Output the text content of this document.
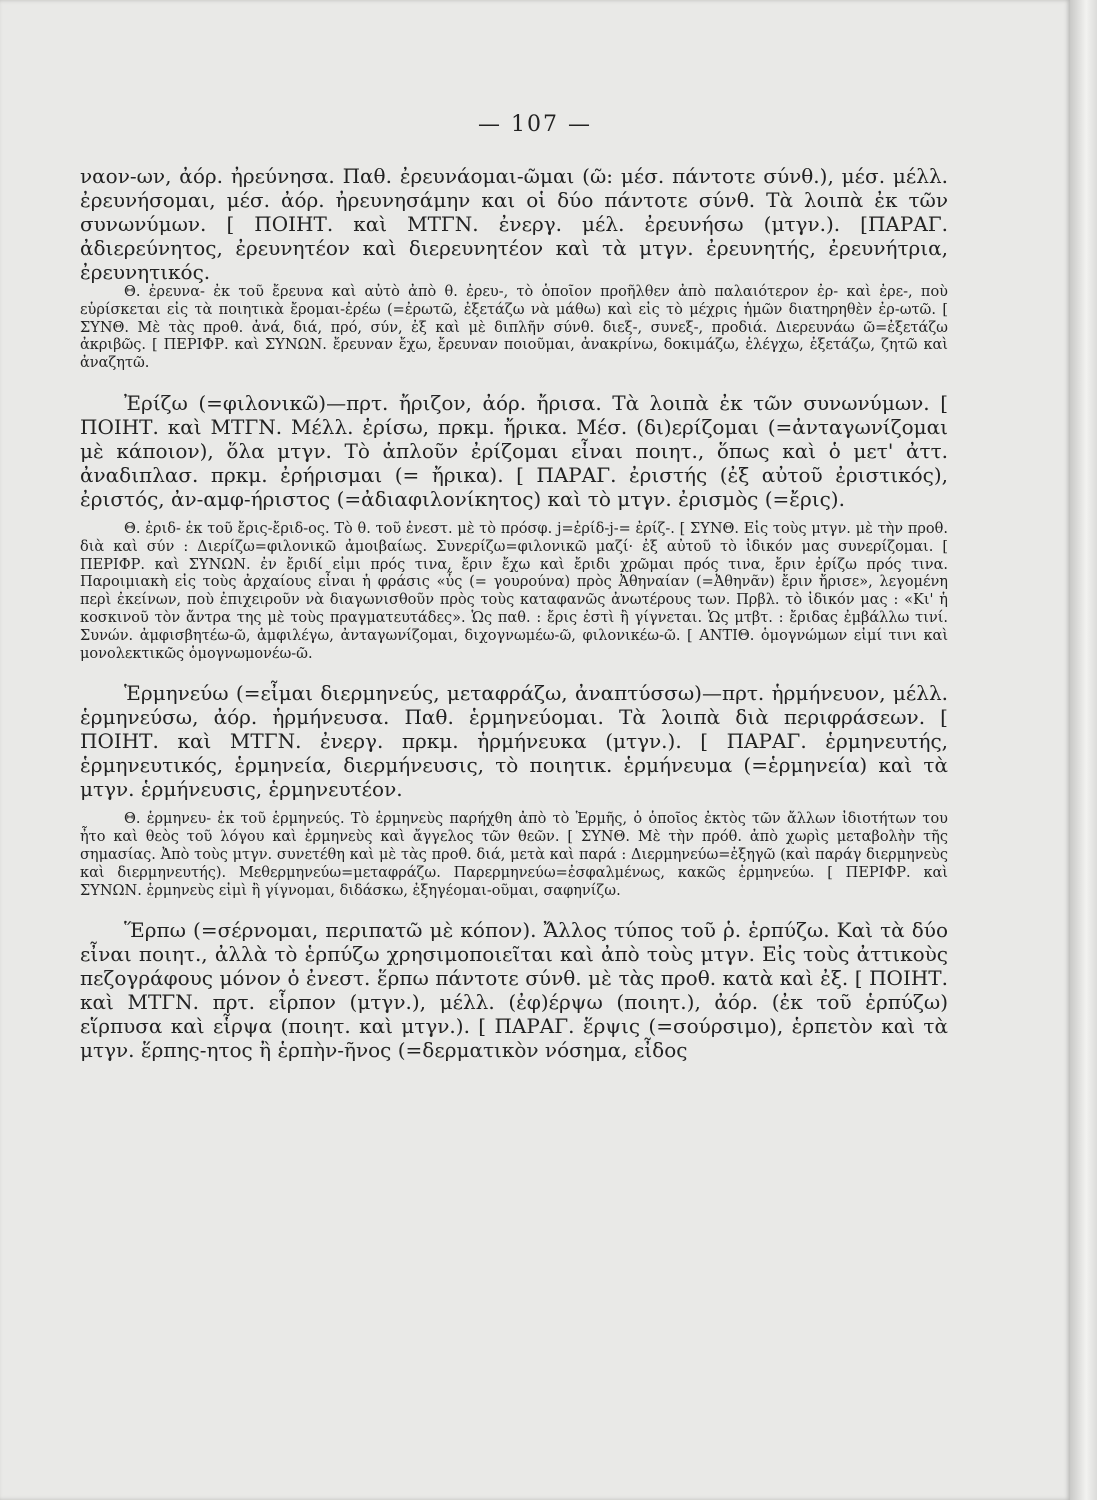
— 107 —

ναον-ων, ἀόρ. ἠρεύνησα. Παθ. ἐρευνάομαι-ῶμαι (ῶ: μέσ. πάντοτε σύνθ.), μέσ. μέλλ. ἐρευνήσομαι, μέσ. ἀόρ. ἠρευνησάμην και οἱ δύο πάντοτε σύνθ. Τὰ λοιπὰ ἐκ τῶν συνωνύμων. [ ΠΟΙΗΤ. καὶ ΜΤΓΝ. ἐνεργ. μέλ. ἐρευνήσω (μτγν.). [ΠΑΡΑΓ. ἀδιερεύνητος, ἐρευνητέον καὶ διερευνητέον καὶ τὰ μτγν. ἐρευνητής, ἐρευνήτρια, ἐρευνητικός.

Θ. ἐρευνα- ἐκ τοῦ ἔρευνα καὶ αὐτὸ ἀπὸ θ. ἐρευ-, τὸ ὁποῖον προῆλθεν ἀπὸ παλαιότερον ἐρ- καὶ ἐρε-, ποὺ εὑρίσκεται εἰς τὰ ποιητικὰ ἔρομαι-ἐρέω (=ἐρωτῶ, ἐξετάζω νὰ μάθω) καὶ εἰς τὸ μέχρις ἡμῶν διατηρηθὲν ἐρ-ωτῶ. [ ΣΥΝΘ. Μὲ τὰς προθ. ἀνά, διά, πρό, σύν, ἐξ καὶ μὲ διπλῆν σύνθ. διεξ-, συνεξ-, προδιά. Διερευνάω ῶ=ἐξετάζω ἀκριβῶς. [ ΠΕΡΙΦΡ. καὶ ΣΥΝΩΝ. ἔρευναν ἔχω, ἔρευναν ποιοῦμαι, ἀνακρίνω, δοκιμάζω, ἐλέγχω, ἐξετάζω, ζητῶ καὶ ἀναζητῶ.

Ἐρίζω (=φιλονικῶ)—πρτ. ἤριζον, ἀόρ. ἤρισα. Τὰ λοιπὰ ἐκ τῶν συνωνύμων. [ ΠΟΙΗΤ. καὶ ΜΤΓΝ. Μέλλ. ἐρίσω, πρκμ. ἤρικα. Μέσ. (δι)ερίζομαι (=ἀνταγωνίζομαι μὲ κάποιον), ὅλα μτγν. Τὸ ἁπλοῦν ἐρίζομαι εἶναι ποιητ., ὅπως καὶ ὁ μετ' ἀττ. ἀναδιπλασ. πρκμ. ἐρήρισμαι (= ἤρικα). [ ΠΑΡΑΓ. ἐριστής (ἐξ αὐτοῦ ἐριστικός), ἐριστός, ἀν-αμφ-ήριστος (=ἀδιαφιλονίκητος) καὶ τὸ μτγν. ἐρισμὸς (=ἔρις).

Θ. ἐριδ- ἐκ τοῦ ἔρις-ἔριδ-ος. Τὸ θ. τοῦ ἐνεστ. μὲ τὸ πρόσφ. j=ἐρίδ-j-= ἐρίζ-. [ ΣΥΝΘ. Εἰς τοὺς μτγν. μὲ τὴν προθ. διὰ καὶ σύν : Διερίζω=φιλονικῶ ἀμοιβαίως. Συνερίζω=φιλονικῶ μαζί· ἐξ αὐτοῦ τὸ ἰδικόν μας συνερίζομαι. [ ΠΕΡΙΦΡ. καὶ ΣΥΝΩΝ. ἐν ἔριδί εἰμι πρός τινα, ἔριν ἔχω καὶ ἔριδι χρῶμαι πρός τινα, ἔριν ἐρίζω πρός τινα. Παροιμιακὴ εἰς τοὺς ἀρχαίους εἶναι ἡ φράσις «ὗς (= γουρούνα) πρὸς Ἀθηναίαν (=Ἀθηνᾶν) ἔριν ἤρισε», λεγομένη περὶ ἐκείνων, ποὺ ἐπιχειροῦν νὰ διαγωνισθοῦν πρὸς τοὺς καταφανῶς ἀνωτέρους των. Πρβλ. τὸ ἰδικόν μας : «Κι' ἡ κοσκινοῦ τὸν ἄντρα της μὲ τοὺς πραγματευτάδες». Ὡς παθ. : ἔρις ἐστὶ ἢ γίγνεται. Ὡς μτβτ. : ἔριδας ἐμβάλλω τινί. Συνών. ἀμφισβητέω-ῶ, ἀμφιλέγω, ἀνταγωνίζομαι, διχογνωμέω-ῶ, φιλονικέω-ῶ. [ ΑΝΤΙΘ. ὁμογνώμων εἰμί τινι καὶ μονολεκτικῶς ὁμογνωμονέω-ῶ.

Ἑρμηνεύω (=εἶμαι διερμηνεύς, μεταφράζω, ἀναπτύσσω)—πρτ. ἡρμήνευον, μέλλ. ἑρμηνεύσω, ἀόρ. ἡρμήνευσα. Παθ. ἑρμηνεύομαι. Τὰ λοιπὰ διὰ περιφράσεων. [ ΠΟΙΗΤ. καὶ ΜΤΓΝ. ἐνεργ. πρκμ. ἡρμήνευκα (μτγν.). [ ΠΑΡΑΓ. ἑρμηνευτής, ἑρμηνευτικός, ἑρμηνεία, διερμήνευσις, τὸ ποιητικ. ἑρμήνευμα (=ἑρμηνεία) καὶ τὰ μτγν. ἑρμήνευσις, ἑρμηνευτέον.

Θ. ἑρμηνευ- ἐκ τοῦ ἑρμηνεύς. Τὸ ἑρμηνεὺς παρήχθη ἀπὸ τὸ Ἑρμῆς, ὁ ὁποῖος ἐκτὸς τῶν ἄλλων ἰδιοτήτων του ἦτο καὶ θεὸς τοῦ λόγου καὶ ἑρμηνεὺς καὶ ἄγγελος τῶν θεῶν. [ ΣΥΝΘ. Μὲ τὴν πρόθ. ἀπὸ χωρὶς μεταβολὴν τῆς σημασίας. Ἀπὸ τοὺς μτγν. συνετέθη καὶ μὲ τὰς προθ. διά, μετὰ καὶ παρά : Διερμηνεύω=ἐξηγῶ (καὶ παράγ διερμηνεὺς καὶ διερμηνευτής). Μεθερμηνεύω=μεταφράζω. Παρερμηνεύω=ἐσφαλμένως, κακῶς ἑρμηνεύω. [ ΠΕΡΙΦΡ. καὶ ΣΥΝΩΝ. ἑρμηνεὺς εἰμὶ ἢ γίγνομαι, διδάσκω, ἐξηγέομαι-οῦμαι, σαφηνίζω.

Ἕρπω (=σέρνομαι, περιπατῶ μὲ κόπον). Ἄλλος τύπος τοῦ ῥ. ἑρπύζω. Καὶ τὰ δύο εἶναι ποιητ., ἀλλὰ τὸ ἑρπύζω χρησιμοποιεῖται καὶ ἀπὸ τοὺς μτγν. Εἰς τοὺς ἀττικοὺς πεζογράφους μόνον ὁ ἐνεστ. ἕρπω πάντοτε σύνθ. μὲ τὰς προθ. κατὰ καὶ ἐξ. [ ΠΟΙΗΤ. καὶ ΜΤΓΝ. πρτ. εἷρπον (μτγν.), μέλλ. (ἐφ)έρψω (ποιητ.), ἀόρ. (ἐκ τοῦ ἑρπύζω) εἵρπυσα καὶ εἷρψα (ποιητ. καὶ μτγν.). [ ΠΑΡΑΓ. ἕρψις (=σούρσιμο), ἑρπετὸν καὶ τὰ μτγν. ἕρπης-ητος ἢ ἑρπὴν-ῆνος (=δερματικὸν νόσημα, εἶδος
